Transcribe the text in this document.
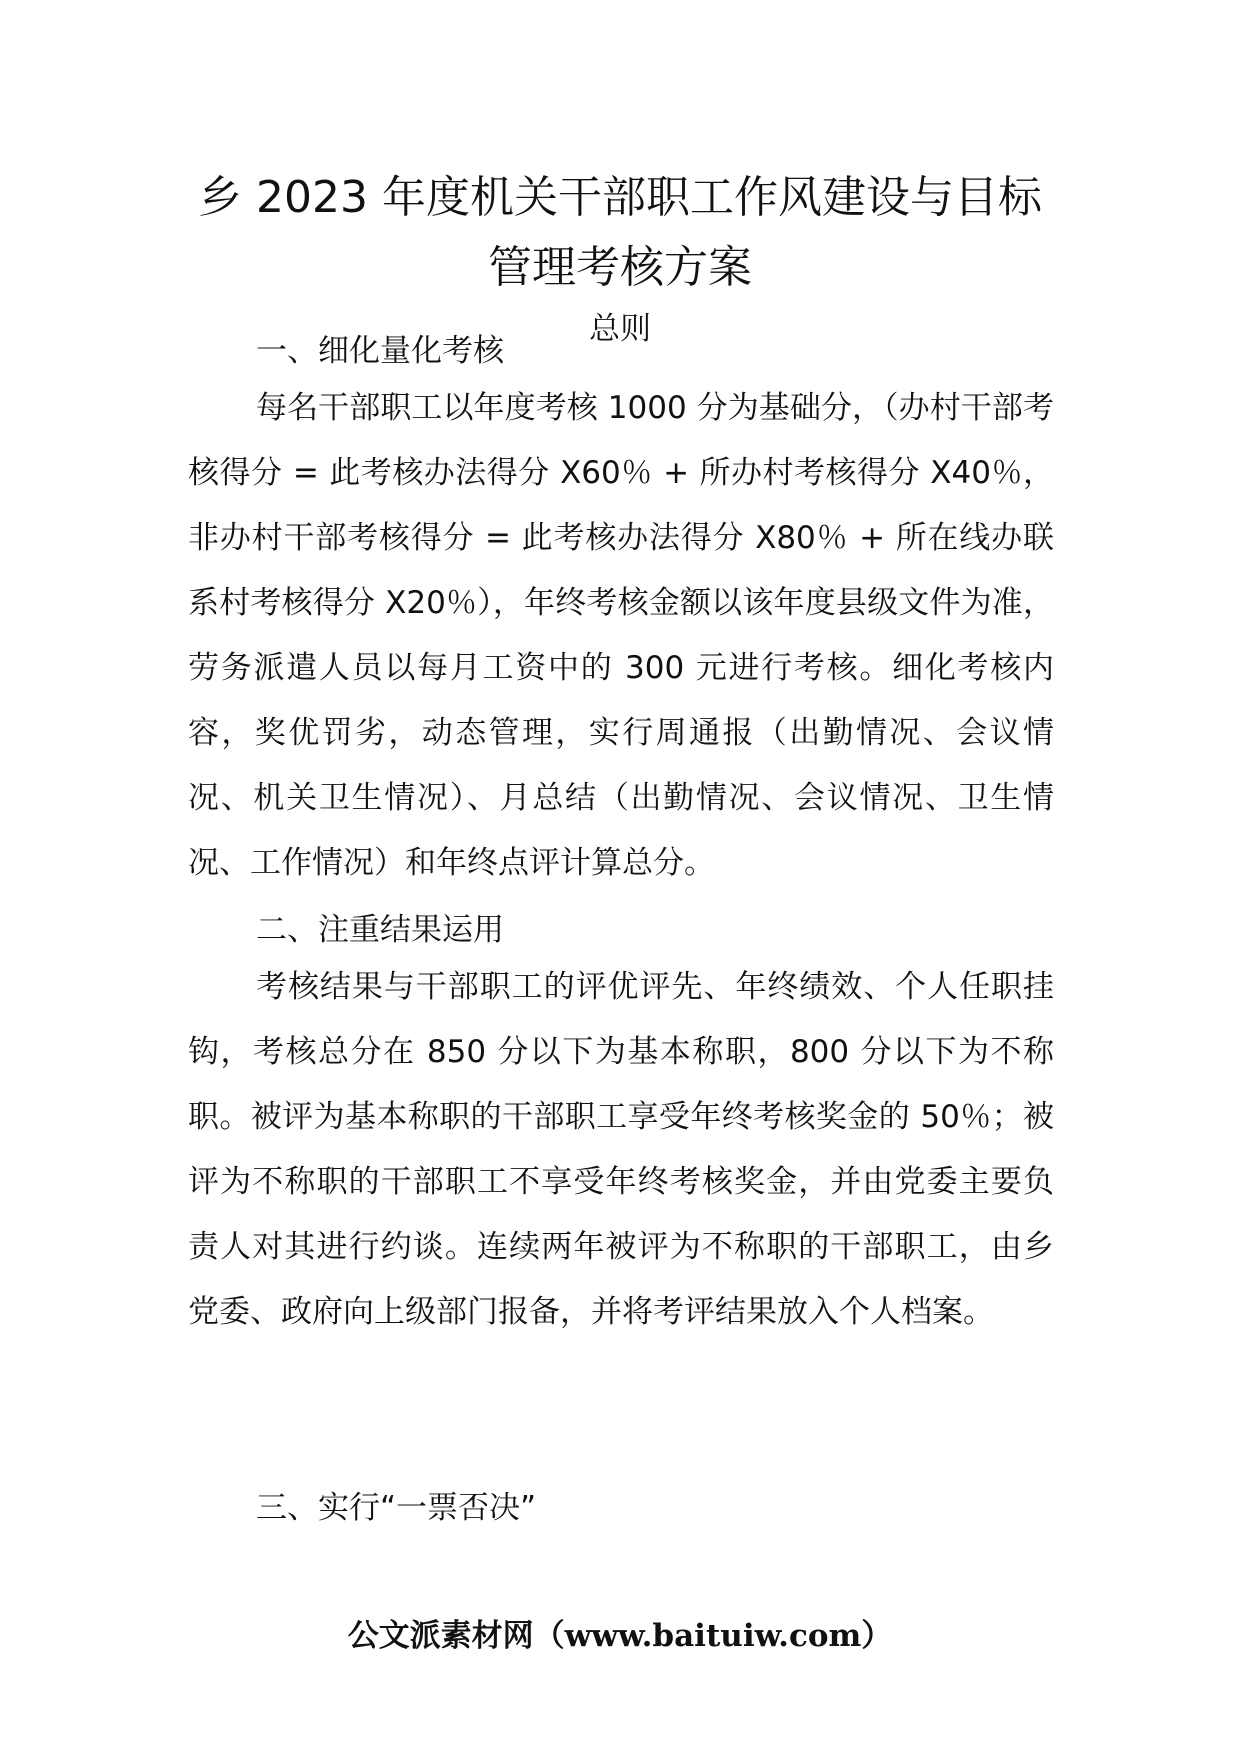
乡 2023 年度机关干部职工作风建设与目标
管理考核方案
总则
一、细化量化考核

每名干部职工以年度考核 1000 分为基础分，（办村干部考核得分 = 此考核办法得分 X60％ + 所办村考核得分 X40％，非办村干部考核得分 = 此考核办法得分 X80％ + 所在线办联系村考核得分 X20％），年终考核金额以该年度县级文件为准，劳务派遣人员以每月工资中的 300 元进行考核。细化考核内容，奖优罚劣，动态管理，实行周通报（出勤情况、会议情况、机关卫生情况）、月总结（出勤情况、会议情况、卫生情况、工作情况）和年终点评计算总分。

二、注重结果运用

考核结果与干部职工的评优评先、年终绩效、个人任职挂钩，考核总分在 850 分以下为基本称职，800 分以下为不称职。被评为基本称职的干部职工享受年终考核奖金的 50％；被评为不称职的干部职工不享受年终考核奖金，并由党委主要负责人对其进行约谈。连续两年被评为不称职的干部职工，由乡党委、政府向上级部门报备，并将考评结果放入个人档案。

三、实行“一票否决”
公文派素材网（www.baituiw.com）
